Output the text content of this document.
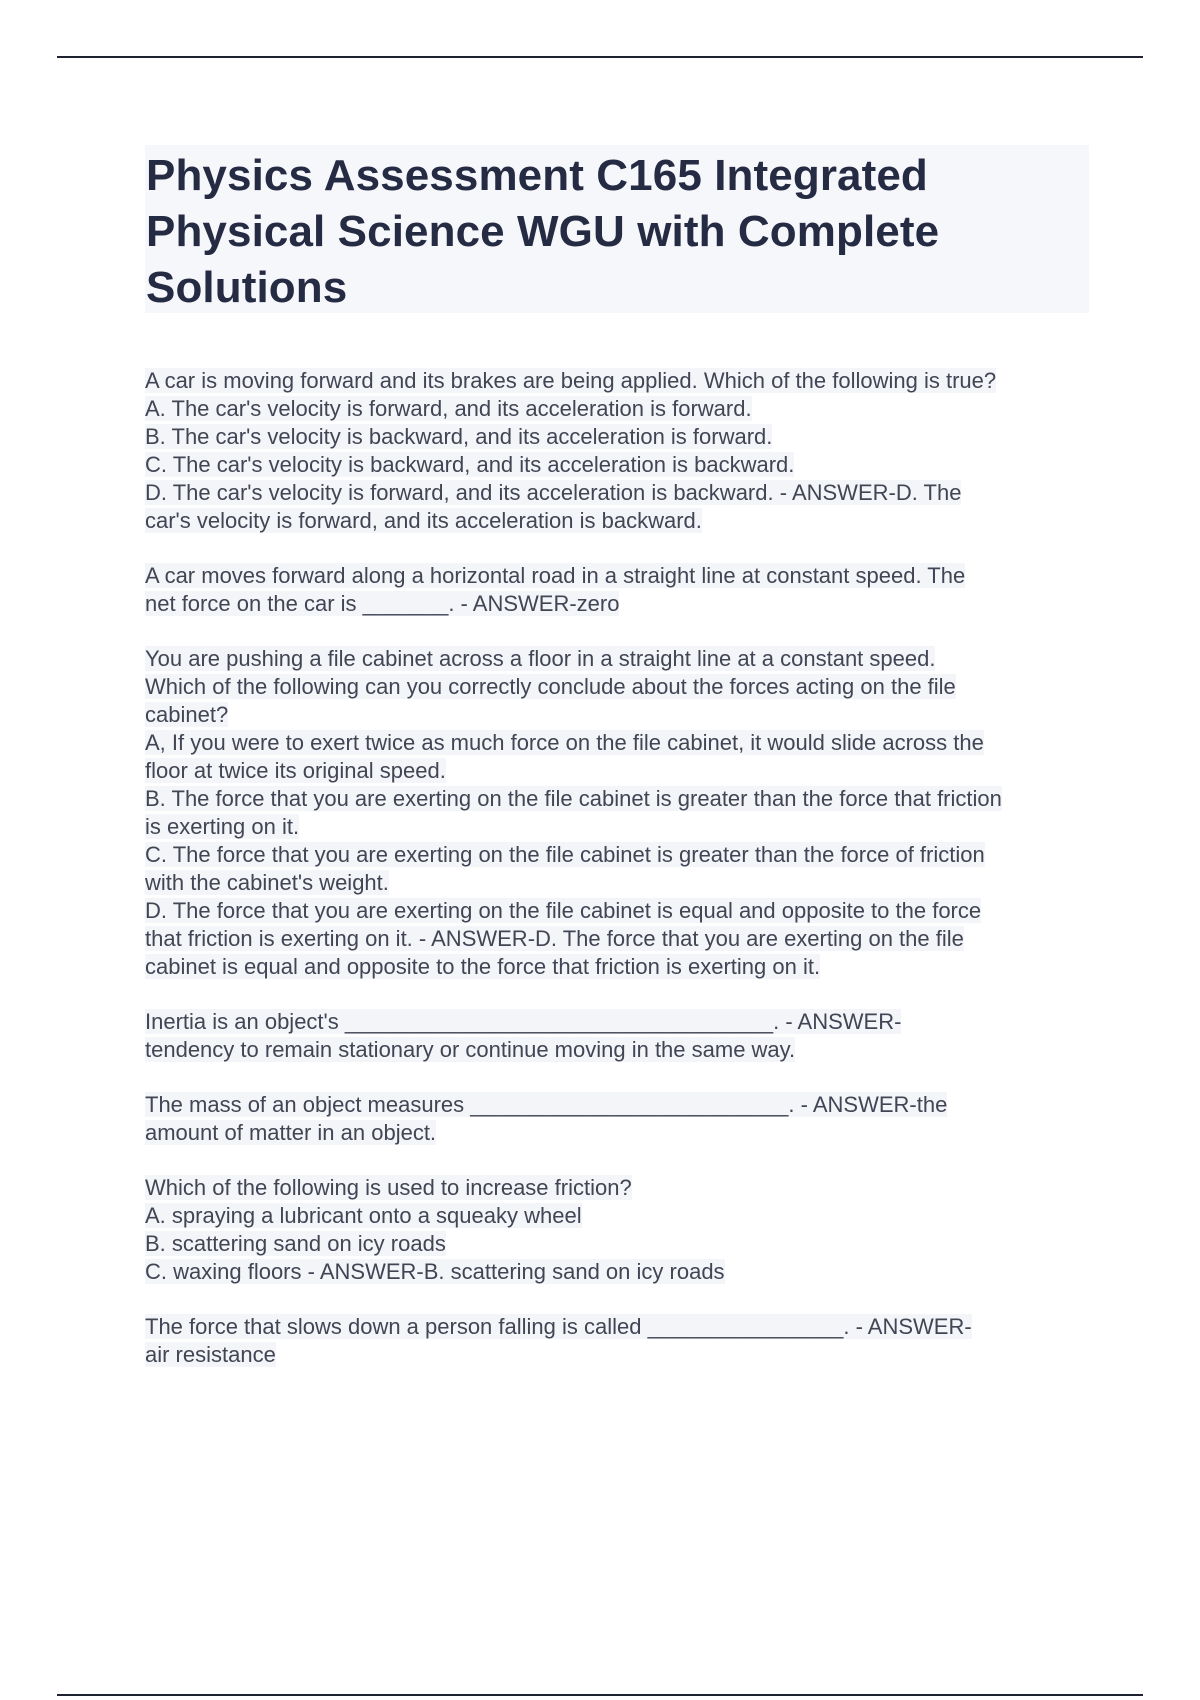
Physics Assessment C165 Integrated
Physical Science WGU with Complete
Solutions
A car is moving forward and its brakes are being applied. Which of the following is true?
A. The car's velocity is forward, and its acceleration is forward.
B. The car's velocity is backward, and its acceleration is forward.
C. The car's velocity is backward, and its acceleration is backward.
D. The car's velocity is forward, and its acceleration is backward. - ANSWER-D. The
car's velocity is forward, and its acceleration is backward.
A car moves forward along a horizontal road in a straight line at constant speed. The
net force on the car is _______. - ANSWER-zero
You are pushing a file cabinet across a floor in a straight line at a constant speed.
Which of the following can you correctly conclude about the forces acting on the file
cabinet?
A, If you were to exert twice as much force on the file cabinet, it would slide across the
floor at twice its original speed.
B. The force that you are exerting on the file cabinet is greater than the force that friction
is exerting on it.
C. The force that you are exerting on the file cabinet is greater than the force of friction
with the cabinet's weight.
D. The force that you are exerting on the file cabinet is equal and opposite to the force
that friction is exerting on it. - ANSWER-D. The force that you are exerting on the file
cabinet is equal and opposite to the force that friction is exerting on it.
Inertia is an object's ___________________________________. - ANSWER-
tendency to remain stationary or continue moving in the same way.
The mass of an object measures __________________________. - ANSWER-the
amount of matter in an object.
Which of the following is used to increase friction?
A. spraying a lubricant onto a squeaky wheel
B. scattering sand on icy roads
C. waxing floors - ANSWER-B. scattering sand on icy roads
The force that slows down a person falling is called ________________. - ANSWER-
air resistance
